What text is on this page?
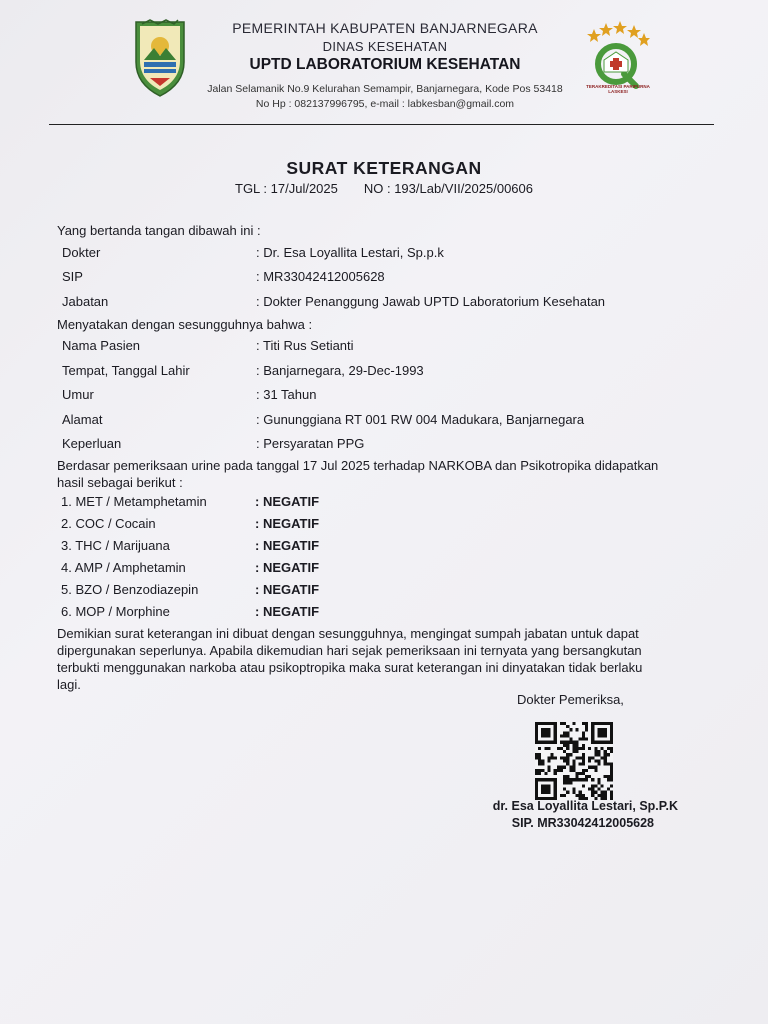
PEMERINTAH KABUPATEN BANJARNEGARA
DINAS KESEHATAN
UPTD LABORATORIUM KESEHATAN
Jalan Selamanik No.9 Kelurahan Semampir, Banjarnegara, Kode Pos 53418
No Hp : 082137996795, e-mail : labkesban@gmail.com
TERAKREDITASI PARIPURNA LASKESI
SURAT KETERANGAN
TGL : 17/Jul/2025 NO : 193/Lab/VII/2025/00606
Yang bertanda tangan dibawah ini :
Dokter	: Dr. Esa Loyallita Lestari, Sp.p.k
SIP	: MR33042412005628
Jabatan	: Dokter Penanggung Jawab UPTD Laboratorium Kesehatan
Menyatakan dengan sesungguhnya bahwa :
Nama Pasien	: Titi Rus Setianti
Tempat, Tanggal Lahir	: Banjarnegara, 29-Dec-1993
Umur	: 31 Tahun
Alamat	: Gununggiana RT 001 RW 004 Madukara, Banjarnegara
Keperluan	: Persyaratan PPG
Berdasar pemeriksaan urine pada tanggal 17 Jul 2025 terhadap NARKOBA dan Psikotropika didapatkan
hasil sebagai berikut :
1. MET / Metamphetamin	: NEGATIF
2. COC / Cocain	: NEGATIF
3. THC / Marijuana	: NEGATIF
4. AMP / Amphetamin	: NEGATIF
5. BZO / Benzodiazepin	: NEGATIF
6. MOP / Morphine	: NEGATIF
Demikian surat keterangan ini dibuat dengan sesungguhnya, mengingat sumpah jabatan untuk dapat
dipergunakan seperlunya. Apabila dikemudian hari sejak pemeriksaan ini ternyata yang bersangkutan
terbukti menggunakan narkoba atau psikoptropika maka surat keterangan ini dinyatakan tidak berlaku
lagi.
Dokter Pemeriksa,
dr. Esa Loyallita Lestari, Sp.P.K
SIP. MR33042412005628
